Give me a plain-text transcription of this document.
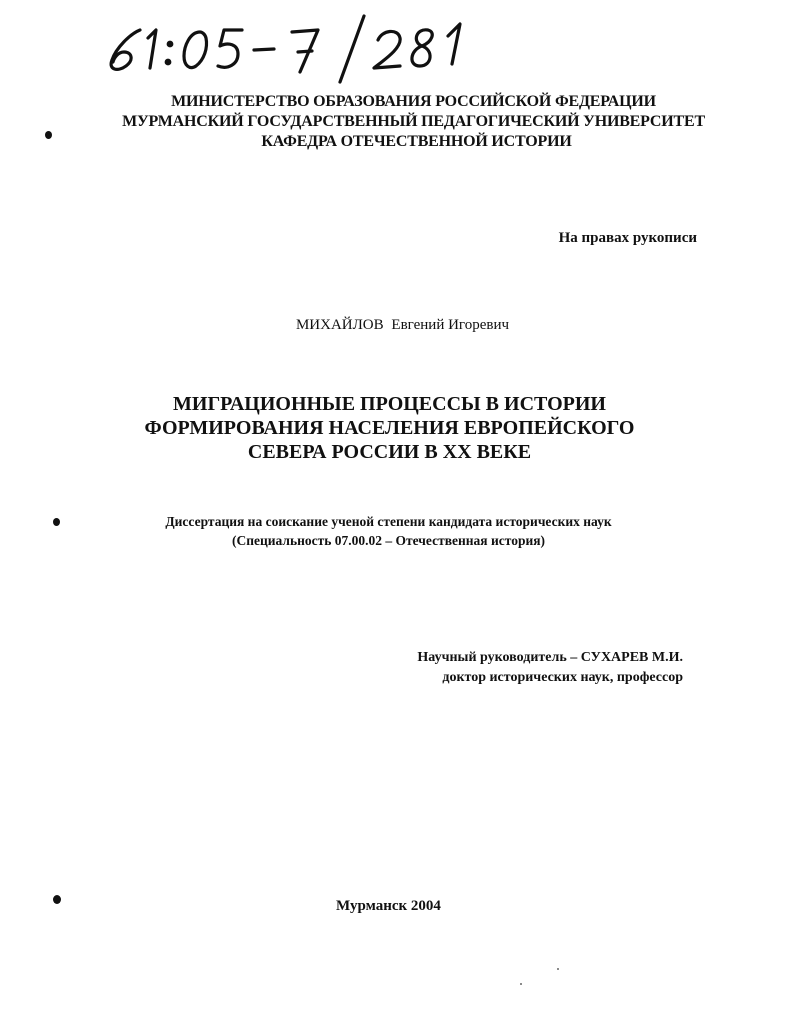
МИНИСТЕРСТВО ОБРАЗОВАНИЯ РОССИЙСКОЙ ФЕДЕРАЦИИ
МУРМАНСКИЙ ГОСУДАРСТВЕННЫЙ ПЕДАГОГИЧЕСКИЙ УНИВЕРСИТЕТ
КАФЕДРА ОТЕЧЕСТВЕННОЙ ИСТОРИИ
На правах рукописи
МИХАЙЛОВ Евгений Игоревич
МИГРАЦИОННЫЕ ПРОЦЕССЫ В ИСТОРИИ
ФОРМИРОВАНИЯ НАСЕЛЕНИЯ ЕВРОПЕЙСКОГО
СЕВЕРА РОССИИ В XX ВЕКЕ
Диссертация на соискание ученой степени кандидата исторических наук
(Специальность 07.00.02 – Отечественная история)
Научный руководитель – СУХАРЕВ М.И.
доктор исторических наук, профессор
Мурманск 2004
